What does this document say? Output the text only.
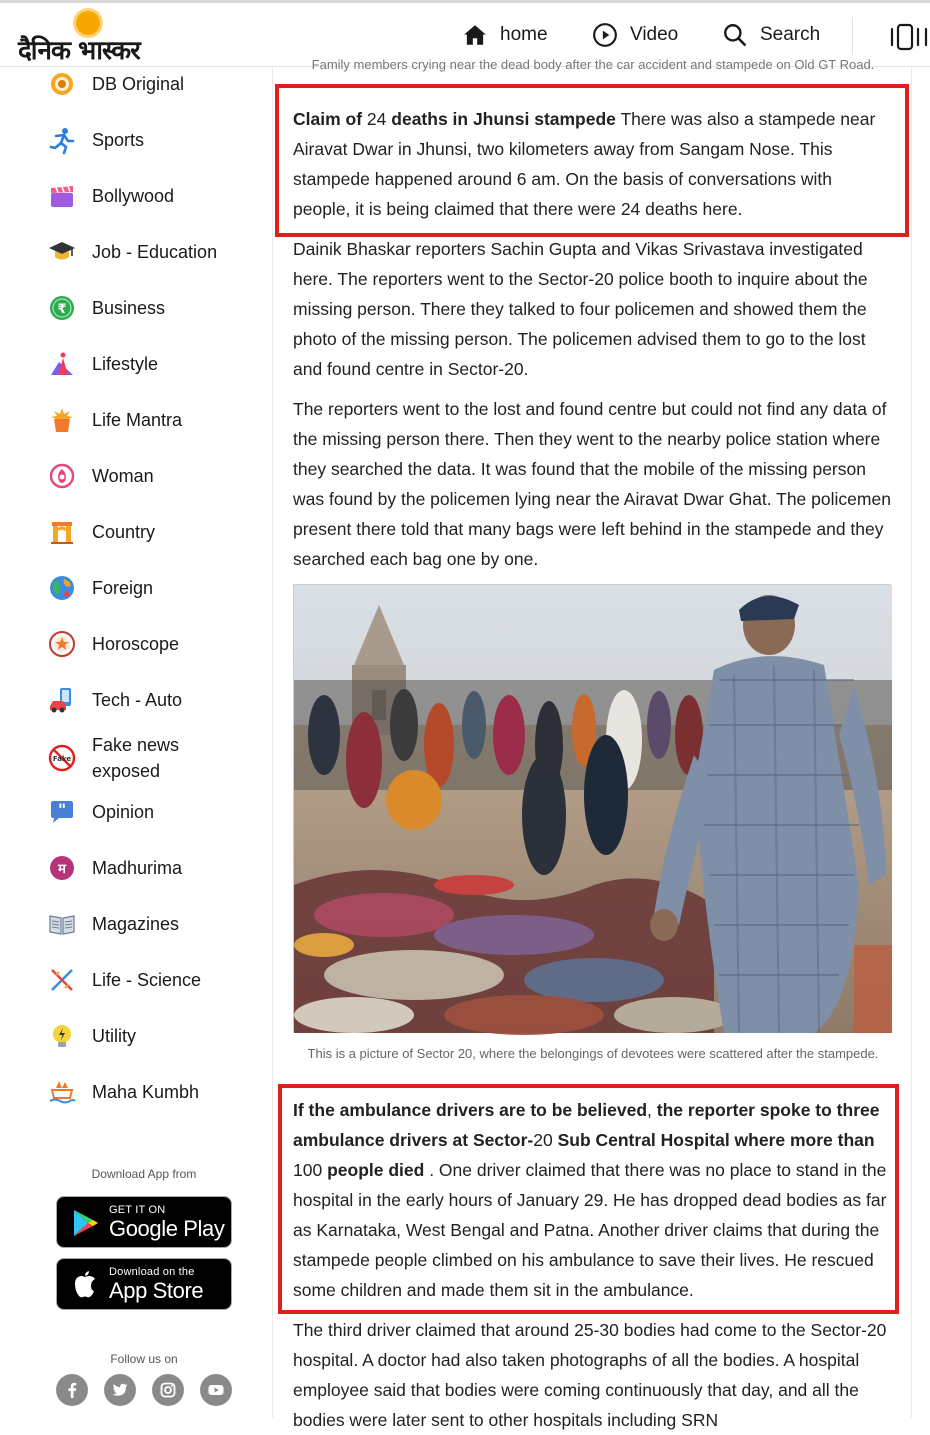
दैनिक भास्कर
home	Video	Search
DB Original
Sports
Bollywood
Job - Education
₹ Business
Lifestyle
Life Mantra
Woman
Country
Foreign
Horoscope
Tech - Auto
Fake
Fake news exposed
" Opinion
म Madhurima
Magazines
Life - Science
Utility
Maha Kumbh
Download App from
GET IT ON
Google Play
Download on the
App Store
Follow us on
Family members crying near the dead body after the car accident and stampede on Old GT Road.
Claim of 24 deaths in Jhunsi stampede There was also a stampede near Airavat Dwar in Jhunsi, two kilometers away from Sangam Nose. This stampede happened around 6 am. On the basis of conversations with people, it is being claimed that there were 24 deaths here.
Dainik Bhaskar reporters Sachin Gupta and Vikas Srivastava investigated here. The reporters went to the Sector-20 police booth to inquire about the missing person. There they talked to four policemen and showed them the photo of the missing person. The policemen advised them to go to the lost and found centre in Sector-20.
The reporters went to the lost and found centre but could not find any data of the missing person there. Then they went to the nearby police station where they searched the data. It was found that the mobile of the missing person was found by the policemen lying near the Airavat Dwar Ghat. The policemen present there told that many bags were left behind in the stampede and they searched each bag one by one.
This is a picture of Sector 20, where the belongings of devotees were scattered after the stampede.
If the ambulance drivers are to be believed, the reporter spoke to three ambulance drivers at Sector-20 Sub Central Hospital where more than 100 people died . One driver claimed that there was no place to stand in the hospital in the early hours of January 29. He has dropped dead bodies as far as Karnataka, West Bengal and Patna. Another driver claims that during the stampede people climbed on his ambulance to save their lives. He rescued some children and made them sit in the ambulance.
The third driver claimed that around 25-30 bodies had come to the Sector-20 hospital. A doctor had also taken photographs of all the bodies. A hospital employee said that bodies were coming continuously that day, and all the bodies were later sent to other hospitals including SRN
